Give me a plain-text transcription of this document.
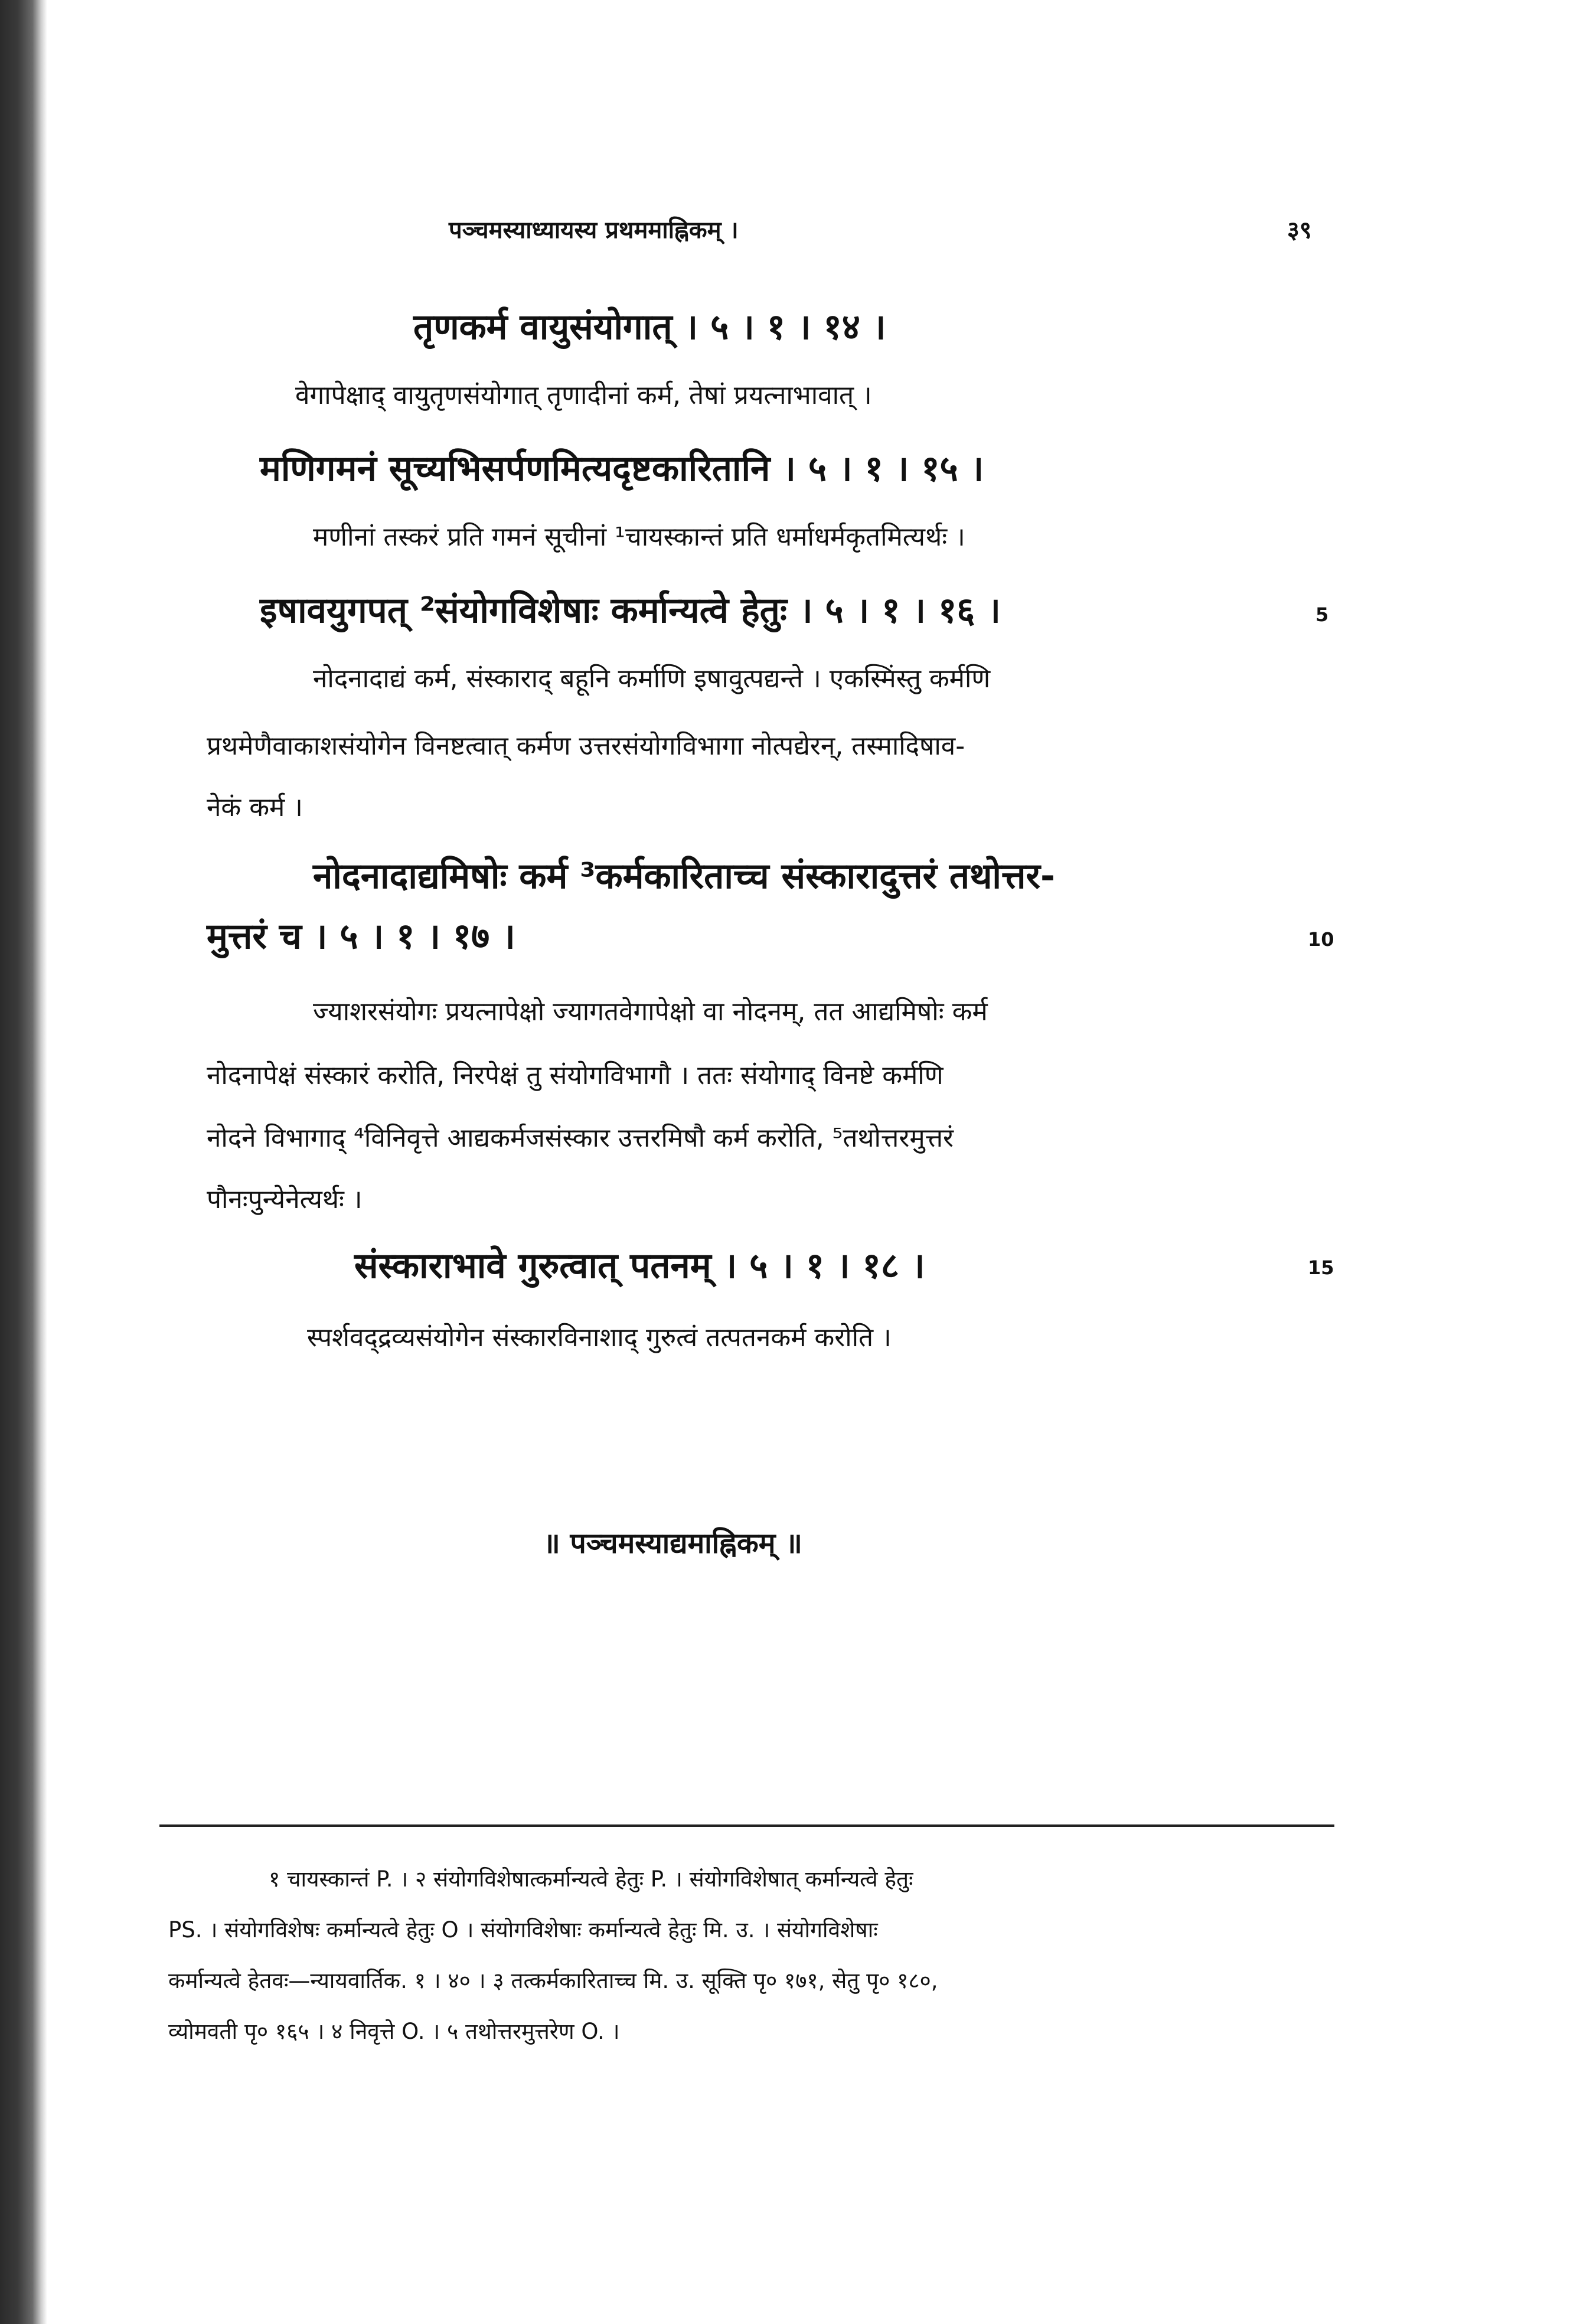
पञ्चमस्याध्यायस्य प्रथममाह्निकम् ।	३९
तृणकर्म वायुसंयोगात् । ५ । १ । १४ ।
वेगापेक्षाद् वायुतृणसंयोगात् तृणादीनां कर्म, तेषां प्रयत्नाभावात् ।
मणिगमनं सूच्यभिसर्पणमित्यदृष्टकारितानि । ५ । १ । १५ ।
मणीनां तस्करं प्रति गमनं सूचीनां ¹चायस्कान्तं प्रति धर्माधर्मकृतमित्यर्थः ।
इषावयुगपत् ²संयोगविशेषाः कर्मान्यत्वे हेतुः । ५ । १ । १६ ।
नोदनादाद्यं कर्म, संस्काराद् बहूनि कर्माणि इषावुत्पद्यन्ते । एकस्मिंस्तु कर्मणि
प्रथमेणैवाकाशसंयोगेन विनष्टत्वात् कर्मण उत्तरसंयोगविभागा नोत्पद्येरन्, तस्मादिषाव-
नेकं कर्म ।
5
नोदनादाद्यमिषोः कर्म ³कर्मकारिताच्च संस्कारादुत्तरं तथोत्तर-
मुत्तरं च । ५ । १ । १७ ।	10
ज्याशरसंयोगः प्रयत्नापेक्षो ज्यागतवेगापेक्षो वा नोदनम्, तत आद्यमिषोः कर्म
नोदनापेक्षं संस्कारं करोति, निरपेक्षं तु संयोगविभागौ । ततः संयोगाद् विनष्टे कर्मणि
नोदने विभागाद् ⁴विनिवृत्ते आद्यकर्मजसंस्कार उत्तरमिषौ कर्म करोति, ⁵तथोत्तरमुत्तरं
पौनःपुन्येनेत्यर्थः ।
संस्काराभावे गुरुत्वात् पतनम् । ५ । १ । १८ ।	15
स्पर्शवद्द्रव्यसंयोगेन संस्कारविनाशाद् गुरुत्वं तत्पतनकर्म करोति ।
॥ पञ्चमस्याद्यमाह्निकम् ॥
१ चायस्कान्तं P. । २ संयोगविशेषात्कर्मान्यत्वे हेतुः P. । संयोगविशेषात् कर्मान्यत्वे हेतुः
PS. । संयोगविशेषः कर्मान्यत्वे हेतुः O । संयोगविशेषाः कर्मान्यत्वे हेतुः मि. उ. । संयोगविशेषाः
कर्मान्यत्वे हेतवः—न्यायवार्तिक. १ । ४० । ३ तत्कर्मकारिताच्च मि. उ. सूक्ति पृ० १७१, सेतु पृ० १८०,
व्योमवती पृ० १६५ । ४ निवृत्ते O. । ५ तथोत्तरमुत्तरेण O. ।
